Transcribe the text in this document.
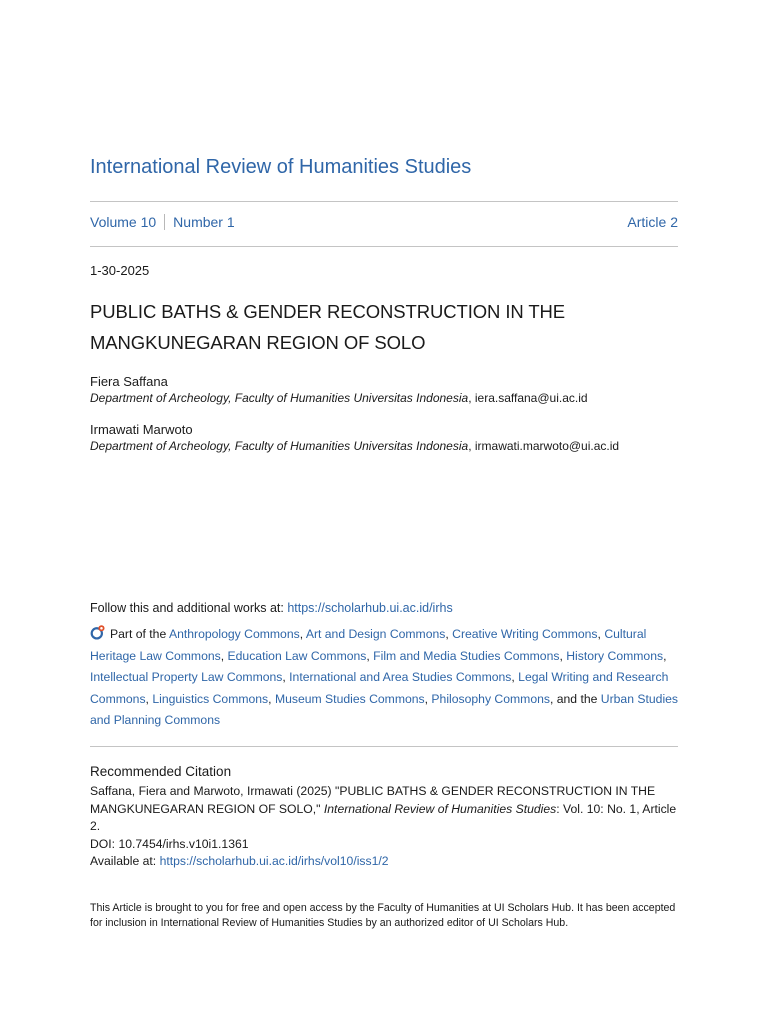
International Review of Humanities Studies
Volume 10 Number 1	Article 2
1-30-2025
PUBLIC BATHS & GENDER RECONSTRUCTION IN THE
MANGKUNEGARAN REGION OF SOLO
Fiera Saffana
Department of Archeology, Faculty of Humanities Universitas Indonesia, iera.saffana@ui.ac.id
Irmawati Marwoto
Department of Archeology, Faculty of Humanities Universitas Indonesia, irmawati.marwoto@ui.ac.id
Follow this and additional works at: https://scholarhub.ui.ac.id/irhs
Part of the Anthropology Commons, Art and Design Commons, Creative Writing Commons, Cultural Heritage Law Commons, Education Law Commons, Film and Media Studies Commons, History Commons, Intellectual Property Law Commons, International and Area Studies Commons, Legal Writing and Research Commons, Linguistics Commons, Museum Studies Commons, Philosophy Commons, and the Urban Studies and Planning Commons
Recommended Citation
Saffana, Fiera and Marwoto, Irmawati (2025) "PUBLIC BATHS & GENDER RECONSTRUCTION IN THE MANGKUNEGARAN REGION OF SOLO," International Review of Humanities Studies: Vol. 10: No. 1, Article 2.
DOI: 10.7454/irhs.v10i1.1361
Available at: https://scholarhub.ui.ac.id/irhs/vol10/iss1/2
This Article is brought to you for free and open access by the Faculty of Humanities at UI Scholars Hub. It has been accepted for inclusion in International Review of Humanities Studies by an authorized editor of UI Scholars Hub.
